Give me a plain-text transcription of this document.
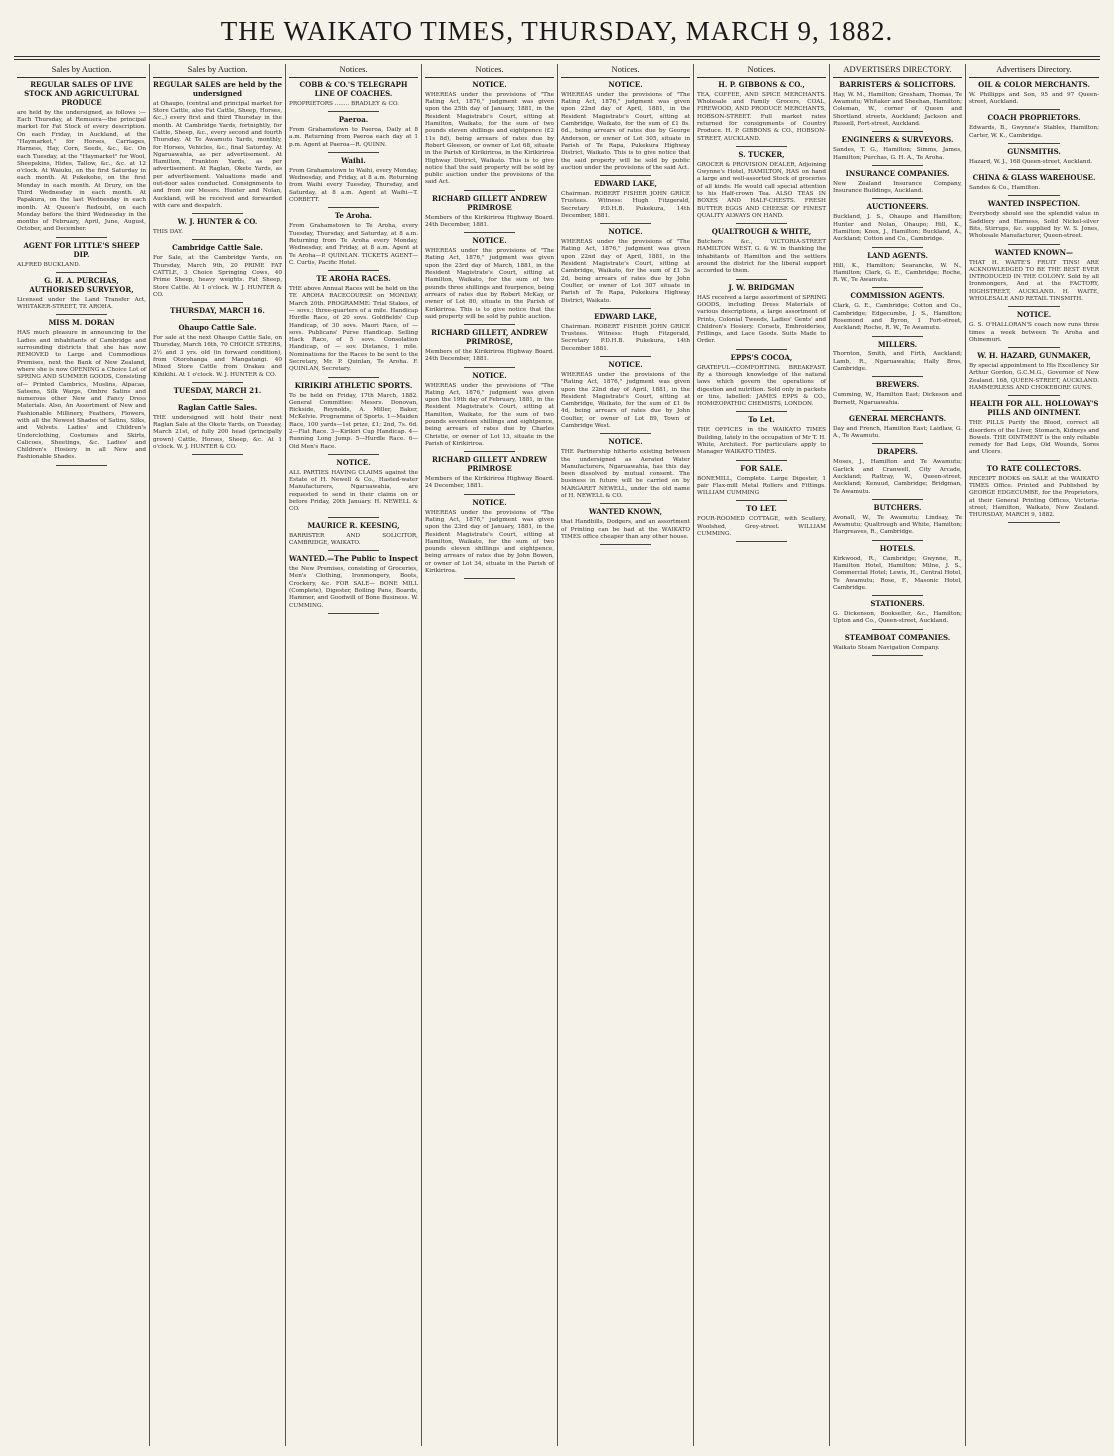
THE WAIKATO TIMES, THURSDAY, MARCH 9, 1882.
Sales by Auction.
REGULAR SALES OF LIVE STOCK AND AGRICULTURAL PRODUCE
are held by the undersigned, as follows :— Each Thursday, at Remuera—the principal market for Fat Stock of every description. On each Friday, in Auckland, at the "Haymarket," for Horses, Carriages, Harness, Hay, Corn, Seeds, &c., &c. On each Tuesday, at the "Haymarket" for Wool, Sheepskins, Hides, Tallow, &c., &c. at 12 o'clock. At Waiuku, on the first Saturday in each month. At Pukekohe, on the first Monday in each month. At Drury, on the Third Wednesday in each month. At Papakura, on the last Wednesday in each month. At Queen's Redoubt, on each Monday before the third Wednesday in the months of February, April, June, August, October, and December.
AGENT FOR LITTLE'S SHEEP DIP.
ALFRED BUCKLAND.
G. H. A. PURCHAS, AUTHORISED SURVEYOR,
Licensed under the Land Transfer Act, WHITAKER-STREET, TE AROHA.
MISS M. DORAN
HAS much pleasure in announcing to the Ladies and inhabitants of Cambridge and surrounding districts that she has now REMOVED to Large and Commodious Premises, next the Bank of New Zealand, where she is now OPENING a Choice Lot of SPRING AND SUMMER GOODS, Consisting of— Printed Cambrics, Muslins, Alpacas, Sateens, Silk Warps, Ombre Satins and numerous other New and Fancy Dress Materials. Also, An Assortment of New and Fashionable Millinery, Feathers, Flowers, with all the Newest Shades of Satins, Silks, and Velvets. Ladies' and Children's Underclothing, Costumes and Skirts, Calicoes, Sheetings, &c. Ladies' and Children's Hosiery in all New and Fashionable Shades.
Sales by Auction.
REGULAR SALES are held by the undersigned
at Ohaupo, (central and principal market for Store Cattle, also Fat Cattle, Sheep, Horses, &c.,) every first and third Thursday in the month. At Cambridge Yards, fortnightly, for Cattle, Sheep, &c., every second and fourth Thursday. At Te Awamutu Yards, monthly, for Horses, Vehicles, &c., final Saturday. At Ngaruawahia, as per advertisement. At Hamilton, Frankton Yards, as per advertisement. At Raglan, Okete Yards, as per advertisement. Valuations made and out-door sales conducted. Consignments to and from our Messrs. Hunter and Nolan, Auckland, will be received and forwarded with care and despatch.
W. J. HUNTER & CO.
THIS DAY.
Cambridge Cattle Sale.
For Sale, at the Cambridge Yards, on Thursday, March 9th, 20 PRIME FAT CATTLE, 3 Choice Springing Cows, 40 Prime Sheep, heavy weights. Fat Sheep, Store Cattle. At 1 o'clock. W. J. HUNTER & CO.
THURSDAY, MARCH 16.
Ohaupo Cattle Sale.
For sale at the next Ohaupo Cattle Sale, on Thursday, March 16th, 70 CHOICE STEERS, 2½ and 3 yrs. old (in forward condition), from Otorohanga and Mangatangi. 40 Mixed Store Cattle from Orakau and Kihikihi. At 1 o'clock. W. J. HUNTER & CO.
TUESDAY, MARCH 21.
Raglan Cattle Sales.
THE undersigned will hold their next Raglan Sale at the Okete Yards, on Tuesday, March 21st, of fully 200 head (principally grown) Cattle, Horses, Sheep, &c. At 1 o'clock. W. J. HUNTER & CO.
Notices.
COBB & CO.'S TELEGRAPH LINE OF COACHES.
PROPRIETORS ........ BRADLEY & CO.
Paeroa.
From Grahamstown to Paeroa, Daily at 8 a.m. Returning from Paeroa each day at 1 p.m. Agent at Paeroa—R. QUINN.
Waihi.
From Grahamstown to Waihi, every Monday, Wednesday, and Friday, at 8 a.m. Returning from Waihi every Tuesday, Thursday, and Saturday, at 8 a.m. Agent at Waihi—T. CORBETT.
Te Aroha.
From Grahamstown to Te Aroha, every Tuesday, Thursday, and Saturday, at 8 a.m. Returning from Te Aroha every Monday, Wednesday, and Friday, at 8 a.m. Agent at Te Aroha—P. QUINLAN. TICKETS AGENT— C. Curtis, Pacific Hotel.
TE AROHA RACES.
THE above Annual Races will be held on the TE AROHA RACECOURSE on MONDAY, March 20th. PROGRAMME: Trial Stakes, of — sovs.; three-quarters of a mile. Handicap Hurdle Race, of 20 sovs. Goldfields' Cup Handicap, of 30 sovs. Maori Race, of — sovs. Publicans' Purse Handicap. Selling Hack Race, of 5 sovs. Consolation Handicap, of — sov. Distance, 1 mile. Nominations for the Races to be sent to the Secretary, Mr. P. Quinlan, Te Aroha. F. QUINLAN, Secretary.
KIRIKIRI ATHLETIC SPORTS.
To be held on Friday, 17th March, 1882. General Committee: Messrs. Donovan, Rickside, Reynolds, A. Miller, Baker, McKelvie. Programme of Sports. 1—Maiden Race, 100 yards—1st prize, £1; 2nd, 7s. 6d. 2—Flat Race. 3—Kirikiri Cup Handicap. 4—Running Long Jump. 5—Hurdle Race. 6—Old Men's Race.
NOTICE.
ALL PARTIES HAVING CLAIMS against the Estate of H. Newell & Co., Hasted-water Manufacturers, Ngaruawahia, are requested to send in their claims on or before Friday, 20th January. H. NEWELL & CO.
MAURICE R. KEESING,
BARRISTER AND SOLICITOR, CAMBRIDGE, WAIKATO.
WANTED.—The Public to Inspect
the New Premises, consisting of Groceries, Men's Clothing, Ironmongery, Boots, Crockery, &c. FOR SALE— BONE MILL (Complete), Digester, Boiling Pans, Boards, Hammer, and Goodwill of Bone Business. W. CUMMING.
Notices.
NOTICE.
WHEREAS under the provisions of "The Rating Act, 1876," judgment was given upon the 25th day of January, 1881, in the Resident Magistrate's Court, sitting at Hamilton, Waikato, for the sum of two pounds eleven shillings and eightpence (£2 11s 8d), being arrears of rates due by Robert Gleeson, or owner of Lot 68, situate in the Parish of Kirikiriroa, in the Kirikiriroa Highway District, Waikato. This is to give notice that the said property will be sold by public auction under the provisions of the said Act.
RICHARD GILLETT ANDREW PRIMROSE
Members of the Kirikiriroa Highway Board. 24th December, 1881.
NOTICE.
WHEREAS under the provisions of "The Rating Act, 1876," judgment was given upon the 23rd day of March, 1881, in the Resident Magistrate's Court, sitting at Hamilton, Waikato, for the sum of two pounds three shillings and fourpence, being arrears of rates due by Robert McKay, or owner of Lot 80, situate in the Parish of Kirikiriroa. This is to give notice that the said property will be sold by public auction.
RICHARD GILLETT, ANDREW PRIMROSE,
Members of the Kirikiriroa Highway Board. 24th December, 1881.
NOTICE.
WHEREAS under the provisions of "The Rating Act, 1876," judgment was given upon the 19th day of February, 1881, in the Resident Magistrate's Court, sitting at Hamilton, Waikato, for the sum of two pounds seventeen shillings and eightpence, being arrears of rates due by Charles Christie, or owner of Lot 13, situate in the Parish of Kirikiriroa.
RICHARD GILLETT ANDREW PRIMROSE
Members of the Kirikiriroa Highway Board. 24 December, 1881.
NOTICE.
WHEREAS under the provisions of "The Rating Act, 1876," judgment was given upon the 23rd day of January, 1881, in the Resident Magistrate's Court, sitting at Hamilton, Waikato, for the sum of two pounds eleven shillings and eightpence, being arrears of rates due by John Bowen, or owner of Lot 34, situate in the Parish of Kirikiriroa.
Notices.
NOTICE.
WHEREAS under the provisions of "The Rating Act, 1876," judgment was given upon 22nd day of April, 1881, in the Resident Magistrate's Court, sitting at Cambridge, Waikato, for the sum of £1 8s. 6d., being arrears of rates due by George Anderson, or owner of Lot 305, situate in Parish of Te Rapa, Pukekura Highway District, Waikato. This is to give notice that the said property will be sold by public auction under the provisions of the said Act.
EDWARD LAKE,
Chairman. ROBERT FISHER JOHN GRICE Trustees. Witness: Hugh Fitzgerald, Secretary P.D.H.B. Pukekura, 14th December, 1881.
NOTICE.
WHEREAS under the provisions of "The Rating Act, 1876," judgment was given upon 22nd day of April, 1881, in the Resident Magistrate's Court, sitting at Cambridge, Waikato, for the sum of £1 3s 2d, being arrears of rates due by John Coulter, or owner of Lot 307 situate in Parish of Te Rapa, Pukekura Highway District, Waikato.
EDWARD LAKE,
Chairman. ROBERT FISHER JOHN GRICE Trustees. Witness: Hugh Fitzgerald, Secretary P.D.H.B. Pukekura, 14th December 1881.
NOTICE.
WHEREAS under the provisions of the "Rating Act, 1876," judgment was given upon the 22nd day of April, 1881, in the Resident Magistrate's Court, sitting at Cambridge, Waikato, for the sum of £1 9s 4d, being arrears of rates due by John Coulter, or owner of Lot 89, Town of Cambridge West.
NOTICE.
THE Partnership hitherto existing between the undersigned as Aerated Water Manufacturers, Ngaruawahia, has this day been dissolved by mutual consent. The business in future will be carried on by MARGARET NEWELL, under the old name of H. NEWELL & CO.
WANTED KNOWN,
that Handbills, Dodgers, and an assortment of Printing can be had at the WAIKATO TIMES office cheaper than any other house.
Notices.
H. P. GIBBONS & CO.,
TEA, COFFEE, AND SPICE MERCHANTS. Wholesale and Family Grocers, COAL, FIREWOOD, AND PRODUCE MERCHANTS, HOBSON-STREET. Full market rates returned for consignments of Country Produce. H. P. GIBBONS & CO., HOBSON-STREET, AUCKLAND.
S. TUCKER,
GROCER & PROVISION DEALER, Adjoining Gwynne's Hotel, HAMILTON, HAS on hand a large and well-assorted Stock of groceries of all kinds. He would call special attention to his Half-crown Tea. ALSO TEAS IN BOXES AND HALF-CHESTS. FRESH BUTTER EGGS AND CHEESE OF FINEST QUALITY ALWAYS ON HAND.
QUALTROUGH & WHITE,
Butchers &c., VICTORIA-STREET HAMILTON WEST. G. & W. in thanking the inhabitants of Hamilton and the settlers around the district for the liberal support accorded to them.
J. W. BRIDGMAN
HAS received a large assortment of SPRING GOODS, including Dress Materials of various descriptions, a large assortment of Prints, Colonial Tweeds, Ladies' Gents' and Children's Hosiery. Corsets, Embroideries, Frillings, and Lace Goods. Suits Made to Order.
EPPS'S COCOA,
GRATEFUL—COMFORTING. BREAKFAST. By a thorough knowledge of the natural laws which govern the operations of digestion and nutrition. Sold only in packets or tins, labelled: JAMES EPPS & CO., HOMŒOPATHIC CHEMISTS, LONDON.
To Let.
THE OFFICES in the WAIKATO TIMES Building, lately in the occupation of Mr T. H. White, Architect. For particulars apply to Manager WAIKATO TIMES.
FOR SALE.
BONEMILL, Complete. Large Digester, 1 pair Flax-mill Metal Rollers and Fittings. WILLIAM CUMMING
TO LET.
FOUR-ROOMED COTTAGE, with Scullery, Woolshed, Grey-street. WILLIAM CUMMING.
ADVERTISERS DIRECTORY.
BARRISTERS & SOLICITORS.
Hay, W. M., Hamilton; Gresham, Thomas, Te Awamutu; Whitaker and Sheehan, Hamilton; Coleman, W., corner of Queen and Shortland streets, Auckland; Jackson and Russell, Fort-street, Auckland.
ENGINEERS & SURVEYORS.
Sandes, T. G., Hamilton; Simms, James, Hamilton; Purchas, G. H. A., Te Aroha.
INSURANCE COMPANIES.
New Zealand Insurance Company, Insurance Buildings, Auckland.
AUCTIONEERS.
Buckland, J. S., Ohaupo and Hamilton; Hunter and Nolan, Ohaupo; Hill, K., Hamilton; Knox, J., Hamilton; Buckland, A., Auckland; Cotton and Co., Cambridge.
LAND AGENTS.
Hill, K., Hamilton; Searancke, W. N., Hamilton; Clark, G. E., Cambridge; Roche, R. W., Te Awamutu.
COMMISSION AGENTS.
Clark, G. E., Cambridge; Cotton and Co., Cambridge; Edgecumbe, J. S., Hamilton; Rosemond and Byron, 1 Fort-street, Auckland; Roche, R. W., Te Awamutu.
MILLERS.
Thornton, Smith, and Firth, Auckland; Lamb, R., Ngaruawahia; Hally Bros, Cambridge.
BREWERS.
Cumming, W., Hamilton East; Dickeson and Burnett, Ngaruawahia.
GENERAL MERCHANTS.
Day and French, Hamilton East; Laidlaw, G. A., Te Awamutu.
DRAPERS.
Moses, J., Hamilton and Te Awamutu; Garlick and Cranwell, City Arcade, Auckland; Rattray, W., Queen-street, Auckland; Kenuud, Cambridge; Bridgman, Te Awamutu.
BUTCHERS.
Avonall, W., Te Awamutu; Lindsay, Te Awamutu; Qualtrough and White, Hamilton; Hargreaves, R., Cambridge.
HOTELS.
Kirkwood, R., Cambridge; Gwynne, R., Hamilton Hotel, Hamilton; Milne, J. S., Commercial Hotel; Lewis, H., Central Hotel, Te Awamutu; Rose, F., Masonic Hotel, Cambridge.
STATIONERS.
G. Dickenson, Bookseller, &c., Hamilton; Upton and Co., Queen-street, Auckland.
STEAMBOAT COMPANIES.
Waikato Steam Navigation Company.
Advertisers Directory.
OIL & COLOR MERCHANTS.
W. Phillipps and Son, 95 and 97 Queen-street, Auckland.
COACH PROPRIETORS.
Edwards, B., Gwynne's Stables, Hamilton; Carter, W. K., Cambridge.
GUNSMITHS.
Hazard, W. J., 168 Queen-street, Auckland.
CHINA & GLASS WAREHOUSE.
Sandes & Co., Hamilton.
WANTED INSPECTION.
Everybody should see the splendid value in Saddlery and Harness, Solid Nickel-silver Bits, Stirrups, &c. supplied by W. S. Jones, Wholesale Manufacturer, Queen-street.
WANTED KNOWN—
THAT H. WAITE'S FRUIT TINS! ARE ACKNOWLEDGED TO BE THE BEST EVER INTRODUCED IN THE COLONY. Sold by all Ironmongers, And at the FACTORY, HIGHSTREET, AUCKLAND. H. WAITE, WHOLESALE AND RETAIL TINSMITH.
NOTICE.
G. S. O'HALLORAN'S coach now runs three times a week between Te Aroha and Ohinemuri.
W. H. HAZARD, GUNMAKER,
By special appointment to His Excellency Sir Arthur Gordon, G.C.M.G., Governor of New Zealand. 168, QUEEN-STREET, AUCKLAND. HAMMERLESS AND CHOKEBORE GUNS.
HEALTH FOR ALL. HOLLOWAY'S PILLS AND OINTMENT.
THE PILLS Purify the Blood, correct all disorders of the Liver, Stomach, Kidneys and Bowels. THE OINTMENT is the only reliable remedy for Bad Legs, Old Wounds, Sores and Ulcers.
TO RATE COLLECTORS.
RECEIPT BOOKS on SALE at the WAIKATO TIMES Office. Printed and Published by GEORGE EDGECUMBE, for the Proprietors, at their General Printing Offices, Victoria-street, Hamilton, Waikato, New Zealand. THURSDAY, MARCH 9, 1882.
